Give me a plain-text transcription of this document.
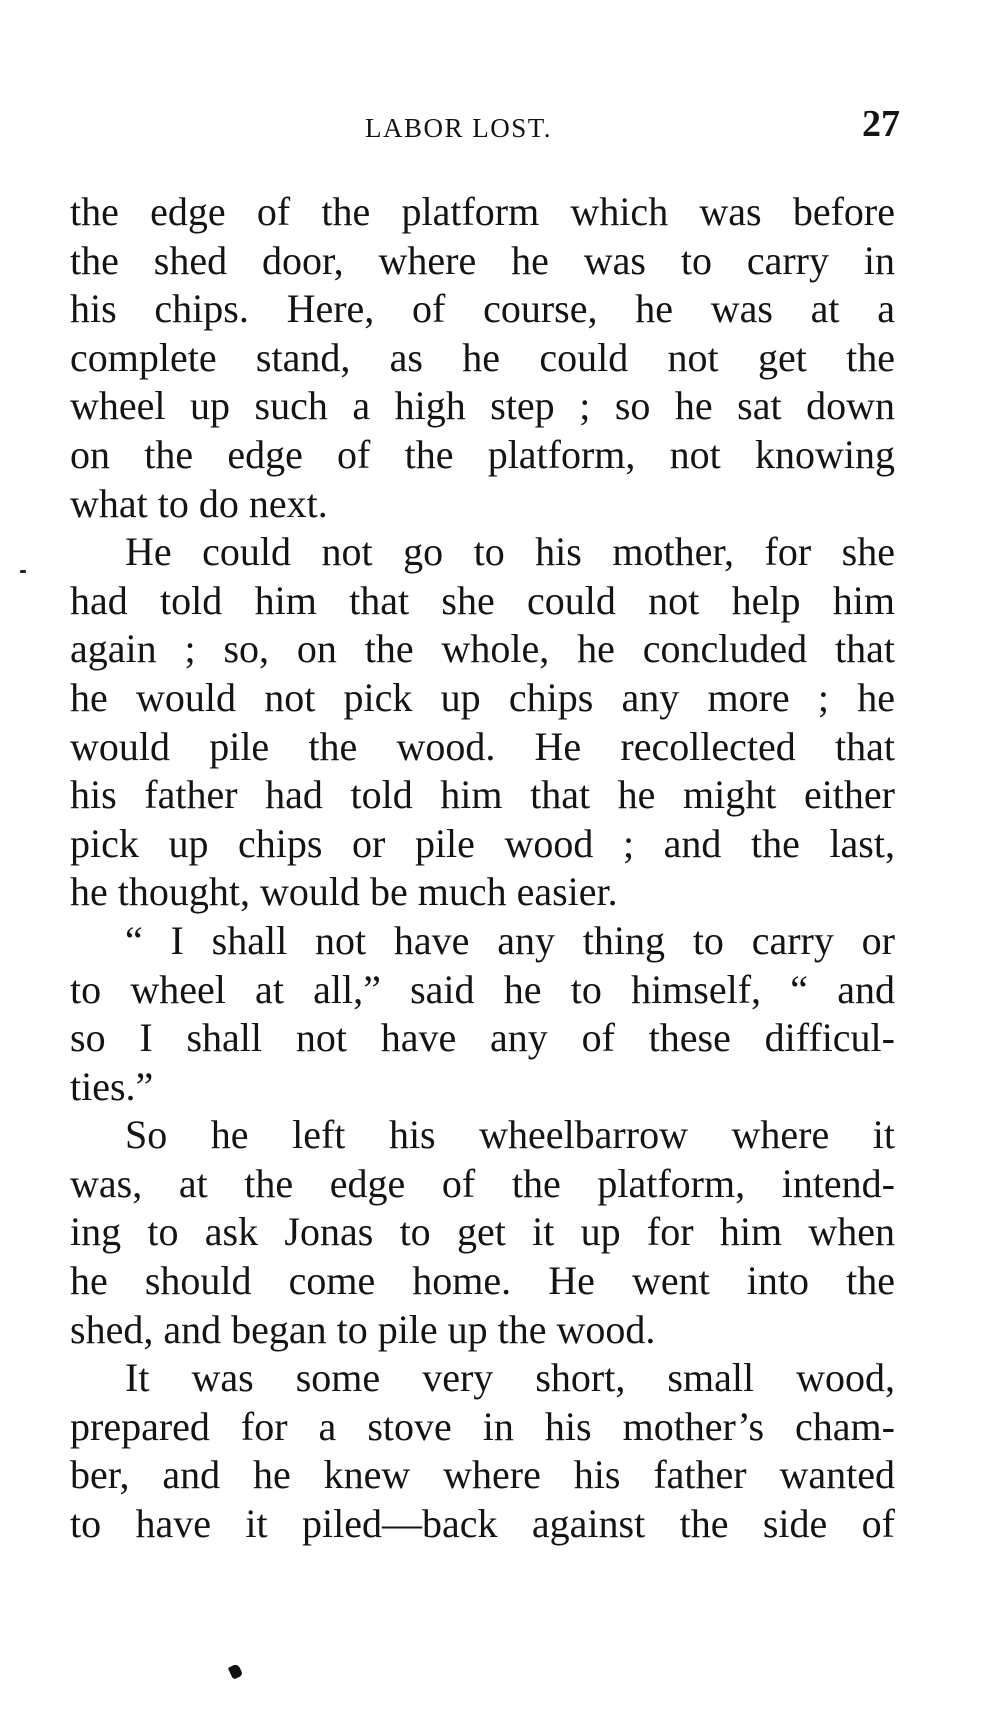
LABOR LOST.	27
the edge of the platform which was before
the shed door, where he was to carry in
his chips. Here, of course, he was at a
complete stand, as he could not get the
wheel up such a high step ; so he sat down
on the edge of the platform, not knowing
what to do next.
He could not go to his mother, for she
had told him that she could not help him
again ; so, on the whole, he concluded that
he would not pick up chips any more ; he
would pile the wood. He recollected that
his father had told him that he might either
pick up chips or pile wood ; and the last,
he thought, would be much easier.
“ I shall not have any thing to carry or
to wheel at all,” said he to himself, “ and
so I shall not have any of these difficul-
ties.”
So he left his wheelbarrow where it
was, at the edge of the platform, intend-
ing to ask Jonas to get it up for him when
he should come home. He went into the
shed, and began to pile up the wood.
It was some very short, small wood,
prepared for a stove in his mother’s cham-
ber, and he knew where his father wanted
to have it piled—back against the side of
